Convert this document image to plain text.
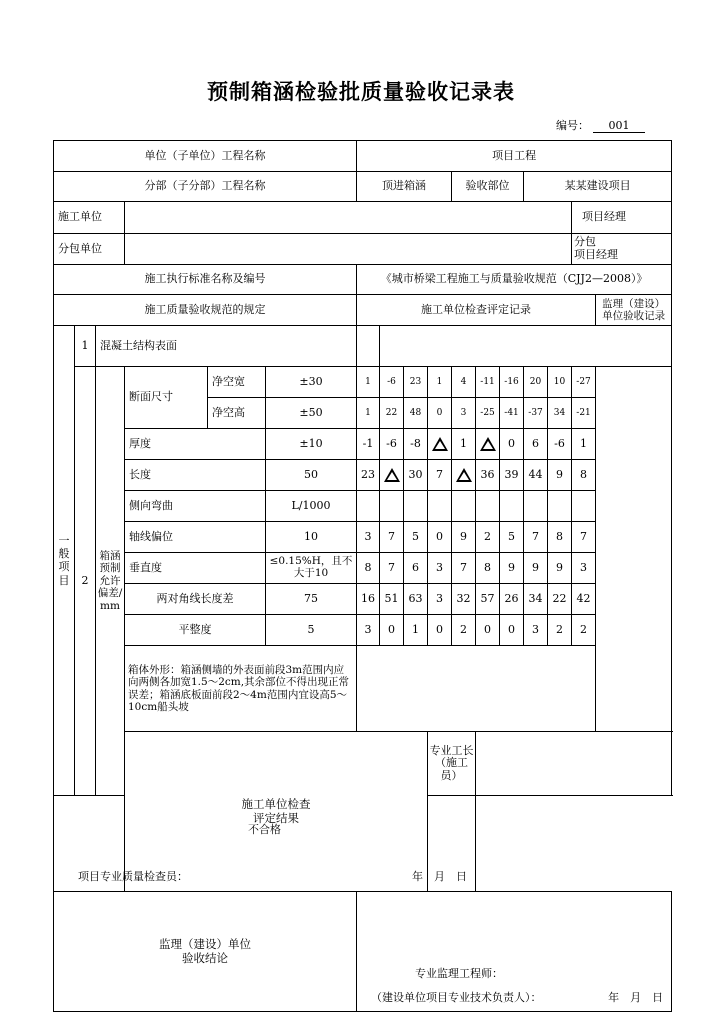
预制箱涵检验批质量验收记录表
编号： 001
单位（子单位）工程名称						项目工程											
分部（子分部）工程名称						顶进箱涵				验收部位			某某建设项目				
施工单位															项目经理		
分包单位															分包
项目经理		
施工执行标准名称及编号						《城市桥梁工程施工与质量验收规范（CJJ2—2008）》											
施工质量验收规范的规定						施工单位检查评定记录										监理（建设）
单位验收记录	
一般项目	1	混凝土结构表面															
	2	箱涵预制允许偏差/mm	断面尺寸	净空宽	±30	1	-6	23	1	4	-11	-16	20	10	-27		
				净空高	±50	1	22	48	0	3	-25	-41	-37	34	-21		
			厚度		±10	-1	-6	-8		1		0	6	-6	1		
			长度		50	23		30	7		36	39	44	9	8		
			侧向弯曲		L/1000												
			轴线偏位		10	3	7	5	0	9	2	5	7	8	7		
			垂直度		≤0.15%H，且不大于10	8	7	6	3	7	8	9	9	9	3		
			两对角线长度差		75	16	51	63	3	32	57	26	34	22	42		
			平整度		5	3	0	1	0	2	0	0	3	2	2		
			箱体外形：箱涵侧墙的外表面前段3m范围内应向两侧各加宽1.5～2cm,其余部位不得出现正常误差；箱涵底板面前段2～4m范围内宜设高5～10cm船头坡														
			施工单位检查
评定结果						专业工长（施工员）		
不合格																	

项目专业质量检查员： 年　月　日																	

监理（建设）单位
验收结论																	
						专业监理工程师：											

						（建设单位项目专业技术负责人）： 年　月　日											
